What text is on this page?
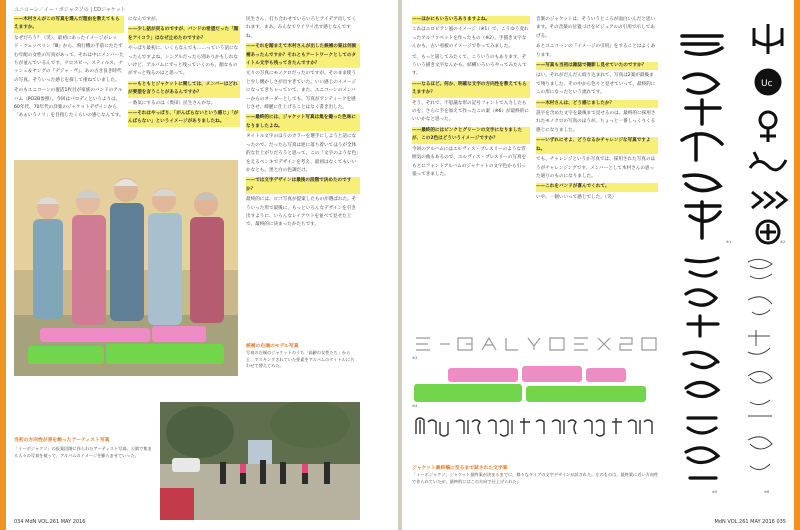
ユニコーン／イー・ボジャクソの | CDジャケット

——木村さんがこの写真を選んだ理由を教えてもらえますか。

なぜだろう？（笑）。最初にあったイメージがレッド・ツェッペリン『Ⅲ』から、飛行機の手前にたたずむ年配の女性の写真があって、それは中にメンバーたちが並んでいるんです。クロスビー、スティルス、ナッシュ＆ヤングの『デジャ・ヴ』、あの古き良き時代の写真。そういった感じを探して重ねていました。

そのもユニコーンの復活1枚目が家族のバンドのアルバム（PO2B参照）。今回はパロディというよりは、60年代、70年代の洋楽のジャケットデザインから「あぁいうノリ」を目指したくらいの感じなんです。

になんですが。

——少し話が戻るのですが、バンドの希望だった「顔をアイコラ」はなぜ止めたのですか？

やっぱり最初に、いくらなんでも……っていう話になったんですよね。シングルだったら別ありかもしれないけど、アルバムにずっと残っていくのも、顔なものがずっと残るのはと思って。

——もともとジャケットに関しては、メンバーはどれが要望を言うことがあるんですか？

一番気にするのは（奥田）民生さんかな。

——それはやっぱり、「がんばらないという感じ」「がんばらない」というイメージがありましたね。

民生さん、打ち合わせでいろいろとアイデア出してくれます。まあ、みんなでワイワイ出す感じなんですね。

——それを踏まえて木村さんが出した候補の案は何候補あったんですか？それともアートワークとしてのタイトル文字も残ってきたんですか？

元々の写真にモノクロだったのですが、そのまま使うと少し懐かしさが出すぎていた。いい感じのイメージになってきちゃっていて、また、ユニコーンのメンバーからのオーダーとしても、写真がアンティークを感じさせ、綺麗に仕上げることはなく書き出した。

——最終的には、ジャケット写真は集を撮った色味になりましたよね。

タイトル文字のほうのカラーを選手にしようと話になったので、だったら写真は逆に落ち着いてほうが全体的な仕上がりだろうと思って、この「文字のような色」をえるペンキでデザインを考え、最初はなくてもいいかなとも。黒と白の色調だけ。

——では文字デザインは最後の段階で決めたのですか？

最終的には、ロゴ写真が提案したものが選ばれた。そういった形で最後に、もっといろんなデザインを引き出すように、いろんなレイアウトを並べて見せた上で、最終的に決まったかたちです。

候補の右端のモデル写真
写真の右端のジャケットのうち「高齢の女性たち」からと、マスキングされていた要素をアルバムのタイトルに合わせて替えてみた。
当初の方向性が表を飾ったアーティスト写真
「イーボジャクソ」の仮案段階に作られたアーティスト写真。公園で集まる人々の写真を使って、アルバムのイメージを膨らませていった。
034 MdN VOL.261 MAY 2016

——ほかにもいろいろありますよね。

これはエロピアン風のイメージ（※1）で、こうゆう変わったアルファベットを作ったもの（※2）。手描き文字なんかも、古い看板のイメージで作ってみました。

で、もっと崩してみたくて、こういうのもあります。そういう描き文字なんかも、結構いろいろやってみたんです。

——なるほど。何か、明確な文字の方向性を教えてもらえますか？

そう、それで、不思議な形の記号フォントで入力したものを、さらに手を加えて作ったこの案（※6）が最終的にいいかなと思った。

——最終的にはピンクとグリーンの文字になりましたが、この2色はどういうイメージですか？

今回のアルバムにはエルヴィス・プレスリーのような雰囲気の曲もあるので、エルヴィス・プレスリーの写真をもとにフォントアルバムのジャケットの文字色から引っ張ってきました。

音楽のジャケットは、そういうところが面白いんだと思います。その音楽の位置づけをビジュアルの引用で示してあげる。

あとユニコーンの『イメージの引用』をすることはよくあります。

——写真も当初は雑誌で撮影し見せていたのですか？

はい。それがだんだん絞り込まれて、写真は2案が最後まで残りました。その中から色々と見せていって、最終的にこの形になったという流れです。

——木村さんは、どう感じましたか？

誤字を含めた文字を最後まで見せるのは、最終的に採用されたモノクロの写真のほうが、ちょっと一番しっくりくる感じになりました。

——いずれにせよ、どうなるかチャレンジな写真ですよね。

でも、チャレンジというか写真では、採用された写真のほうがチャレンジングです。メンバーとして木村さんの思った通りのものになりました。

——これをバンドが喜んでくれて。

いや、一個いいって感じでした。（笑）

Uc
※1	※2
※3
※4
※5	※6
ジャケット最終稿に至るまで試された文字案
「イーボジャクソ」ジャケット最終案が決まるまでに、様々なタイプの文字デザインが試された。左のものは、最終案に近い方向性で作られていたが、最終的にはこの方向で仕上げられた。
MdN VOL.261 MAY 2016 035
